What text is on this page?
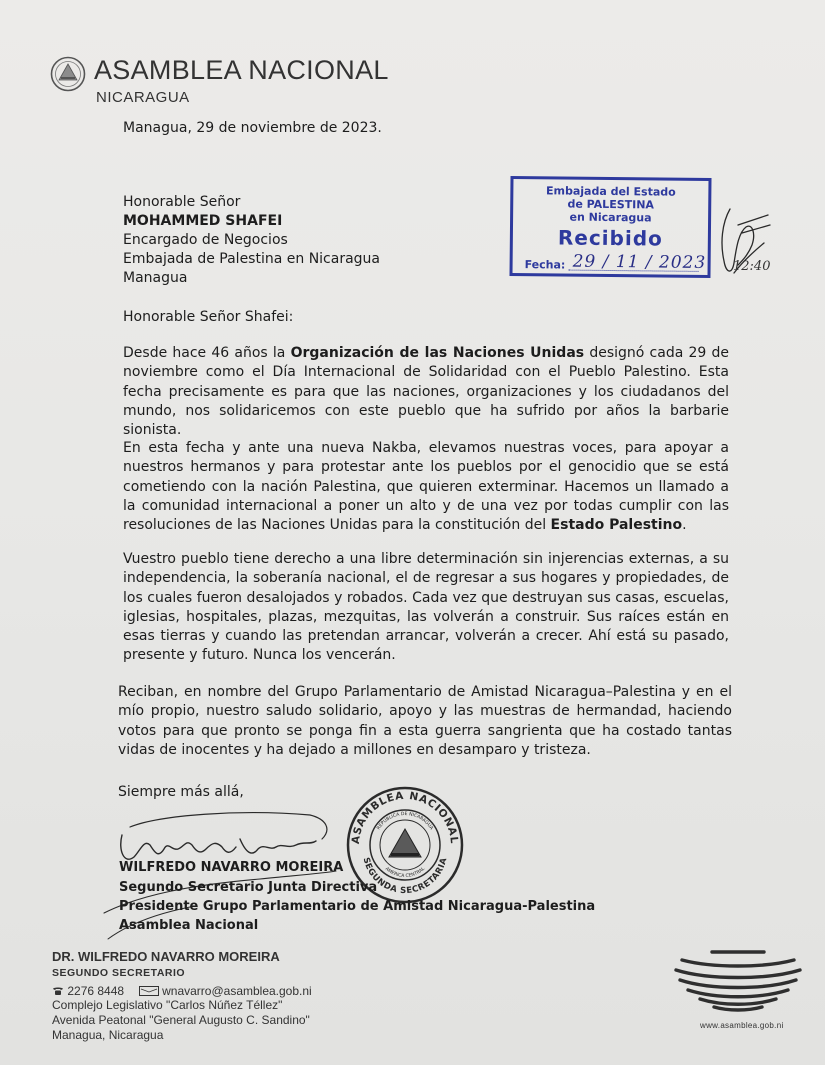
ASAMBLEA NACIONAL
NICARAGUA
Managua, 29 de noviembre de 2023.
Honorable Señor
MOHAMMED SHAFEI
Encargado de Negocios
Embajada de Palestina en Nicaragua
Managua
Embajada del Estado
de PALESTINA
en Nicaragua
Recibido
Fecha: 29 / 11 / 2023 12:40
Honorable Señor Shafei:
Desde hace 46 años la Organización de las Naciones Unidas designó cada 29 de noviembre como el Día Internacional de Solidaridad con el Pueblo Palestino. Esta fecha precisamente es para que las naciones, organizaciones y los ciudadanos del mundo, nos solidaricemos con este pueblo que ha sufrido por años la barbarie sionista.
En esta fecha y ante una nueva Nakba, elevamos nuestras voces, para apoyar a nuestros hermanos y para protestar ante los pueblos por el genocidio que se está cometiendo con la nación Palestina, que quieren exterminar. Hacemos un llamado a la comunidad internacional a poner un alto y de una vez por todas cumplir con las resoluciones de las Naciones Unidas para la constitución del Estado Palestino.
Vuestro pueblo tiene derecho a una libre determinación sin injerencias externas, a su independencia, la soberanía nacional, el de regresar a sus hogares y propiedades, de los cuales fueron desalojados y robados. Cada vez que destruyan sus casas, escuelas, iglesias, hospitales, plazas, mezquitas, las volverán a construir. Sus raíces están en esas tierras y cuando las pretendan arrancar, volverán a crecer. Ahí está su pasado, presente y futuro. Nunca los vencerán.
Reciban, en nombre del Grupo Parlamentario de Amistad Nicaragua–Palestina y en el mío propio, nuestro saludo solidario, apoyo y las muestras de hermandad, haciendo votos para que pronto se ponga fin a esta guerra sangrienta que ha costado tantas vidas de inocentes y ha dejado a millones en desamparo y tristeza.
Siempre más allá,
ASAMBLEA NACIONAL
SEGUNDA SECRETARIA
REPUBLICA DE NICARAGUA
AMERICA CENTRAL
WILFREDO NAVARRO MOREIRA
Segundo Secretario Junta Directiva
Presidente Grupo Parlamentario de Amistad Nicaragua-Palestina
Asamblea Nacional
DR. WILFREDO NAVARRO MOREIRA
SEGUNDO SECRETARIO
2276 8448	wnavarro@asamblea.gob.ni
Complejo Legislativo "Carlos Núñez Téllez"
Avenida Peatonal "General Augusto C. Sandino"
Managua, Nicaragua
www.asamblea.gob.ni
